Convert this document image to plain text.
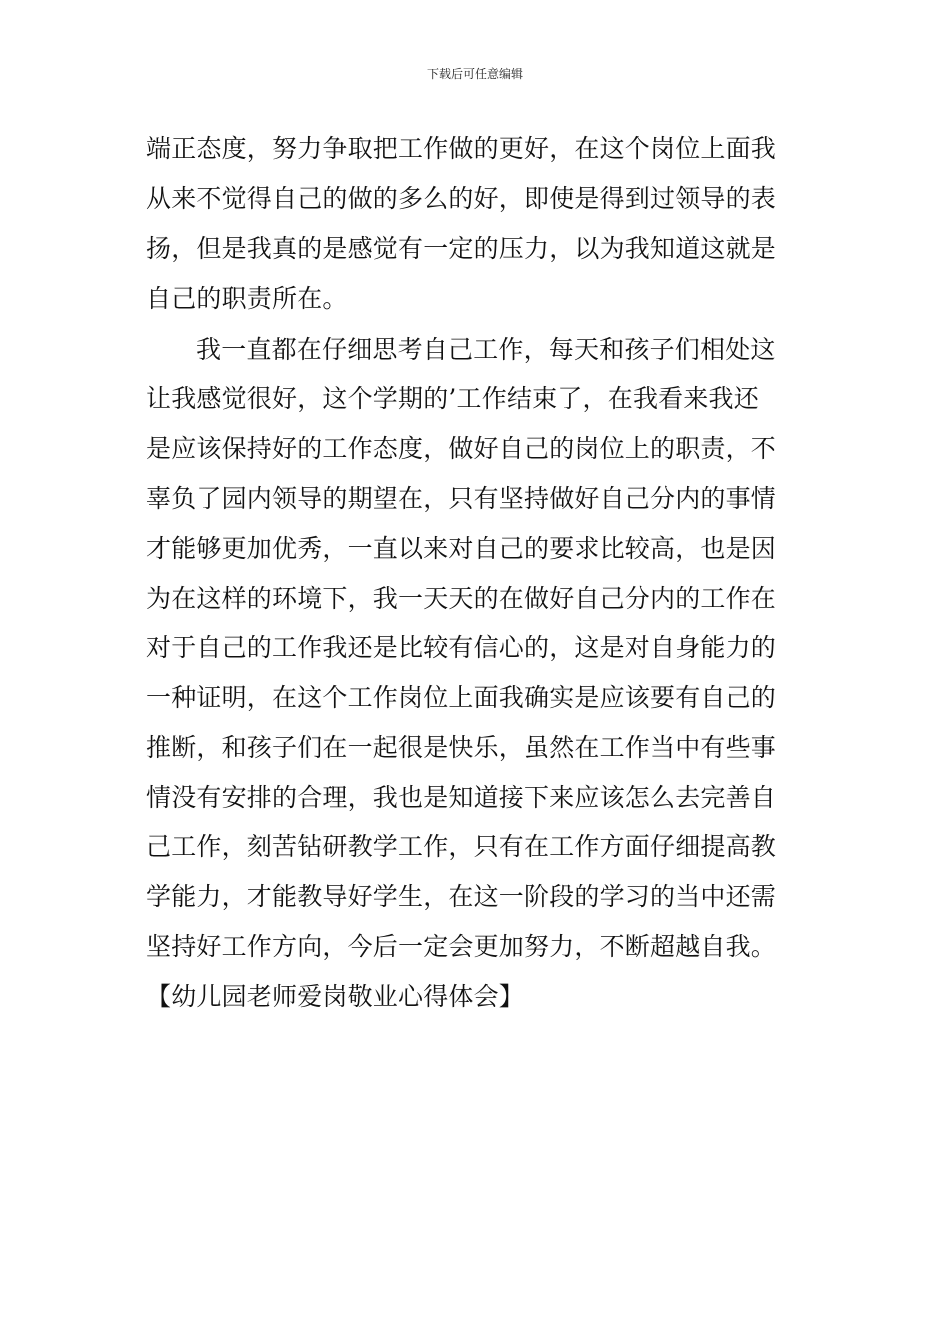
下载后可任意编辑
端正态度，努力争取把工作做的更好，在这个岗位上面我
从来不觉得自己的做的多么的好，即使是得到过领导的表
扬，但是我真的是感觉有一定的压力，以为我知道这就是
自己的职责所在。
我一直都在仔细思考自己工作，每天和孩子们相处这
让我感觉很好，这个学期的’工作结束了，在我看来我还
是应该保持好的工作态度，做好自己的岗位上的职责，不
辜负了园内领导的期望在，只有坚持做好自己分内的事情
才能够更加优秀，一直以来对自己的要求比较高，也是因
为在这样的环境下，我一天天的在做好自己分内的工作在
对于自己的工作我还是比较有信心的，这是对自身能力的
一种证明，在这个工作岗位上面我确实是应该要有自己的
推断，和孩子们在一起很是快乐，虽然在工作当中有些事
情没有安排的合理，我也是知道接下来应该怎么去完善自
己工作，刻苦钻研教学工作，只有在工作方面仔细提高教
学能力，才能教导好学生，在这一阶段的学习的当中还需
坚持好工作方向，今后一定会更加努力，不断超越自我。
【幼儿园老师爱岗敬业心得体会】
